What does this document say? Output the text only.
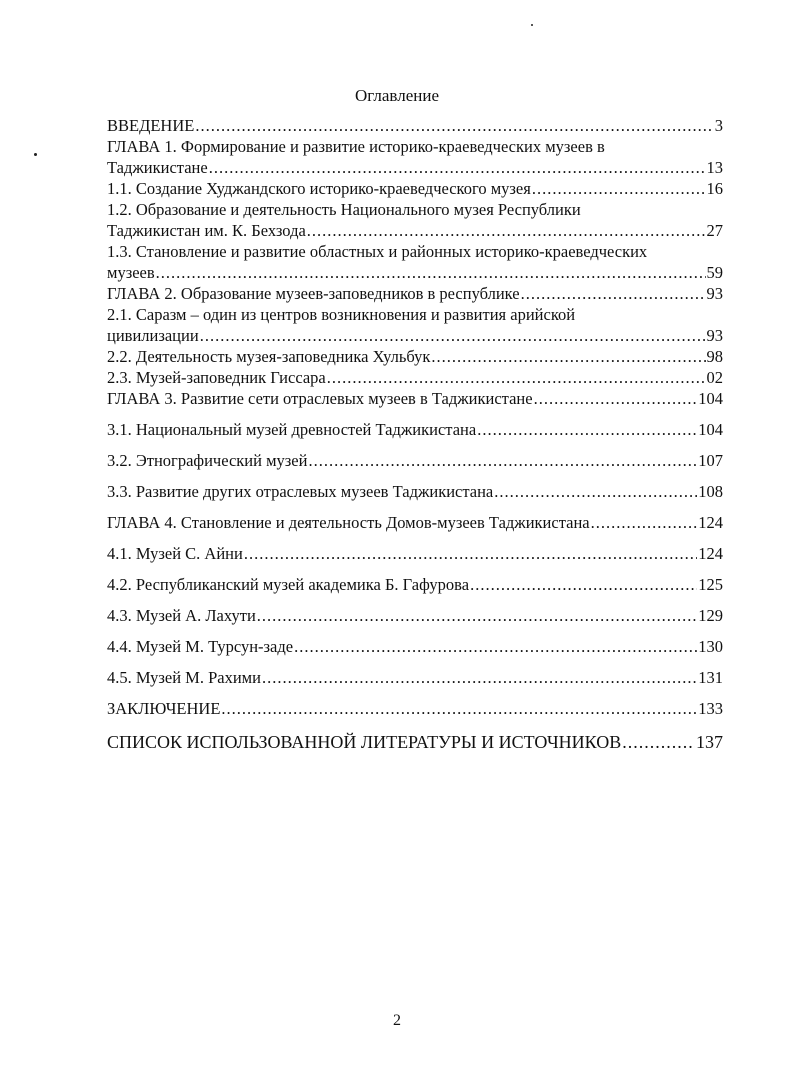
Оглавление
ВВЕДЕНИЕ .....	3
ГЛАВА 1. Формирование и развитие историко-краеведческих музеев в
Таджикистане .....	13
1.1. Создание Худжандского историко-краеведческого музея .....	16
1.2. Образование и деятельность Национального музея Республики
Таджикистан им. К. Бехзода .....	27
1.3. Становление и развитие областных и районных историко-краеведческих
музеев .....	59
ГЛАВА 2. Образование музеев-заповедников в республике .....	93
2.1. Саразм – один из центров возникновения и развития арийской
цивилизации .....	93
2.2. Деятельность музея-заповедника Хульбук .....	98
2.3. Музей-заповедник Гиссара .....	02
ГЛАВА 3. Развитие сети отраслевых музеев в Таджикистане .....	104
3.1. Национальный музей древностей Таджикистана .....	104
3.2. Этнографический музей .....	107
3.3. Развитие других отраслевых музеев Таджикистана .....	108
ГЛАВА 4. Становление и деятельность Домов-музеев Таджикистана .....	124
4.1. Музей С. Айни .....	124
4.2. Республиканский музей академика Б. Гафурова .....	125
4.3. Музей А. Лахути .....	129
4.4. Музей М. Турсун-заде .....	130
4.5. Музей М. Рахими .....	131
ЗАКЛЮЧЕНИЕ .....	133
СПИСОК ИСПОЛЬЗОВАННОЙ ЛИТЕРАТУРЫ И ИСТОЧНИКОВ .....	137
2
